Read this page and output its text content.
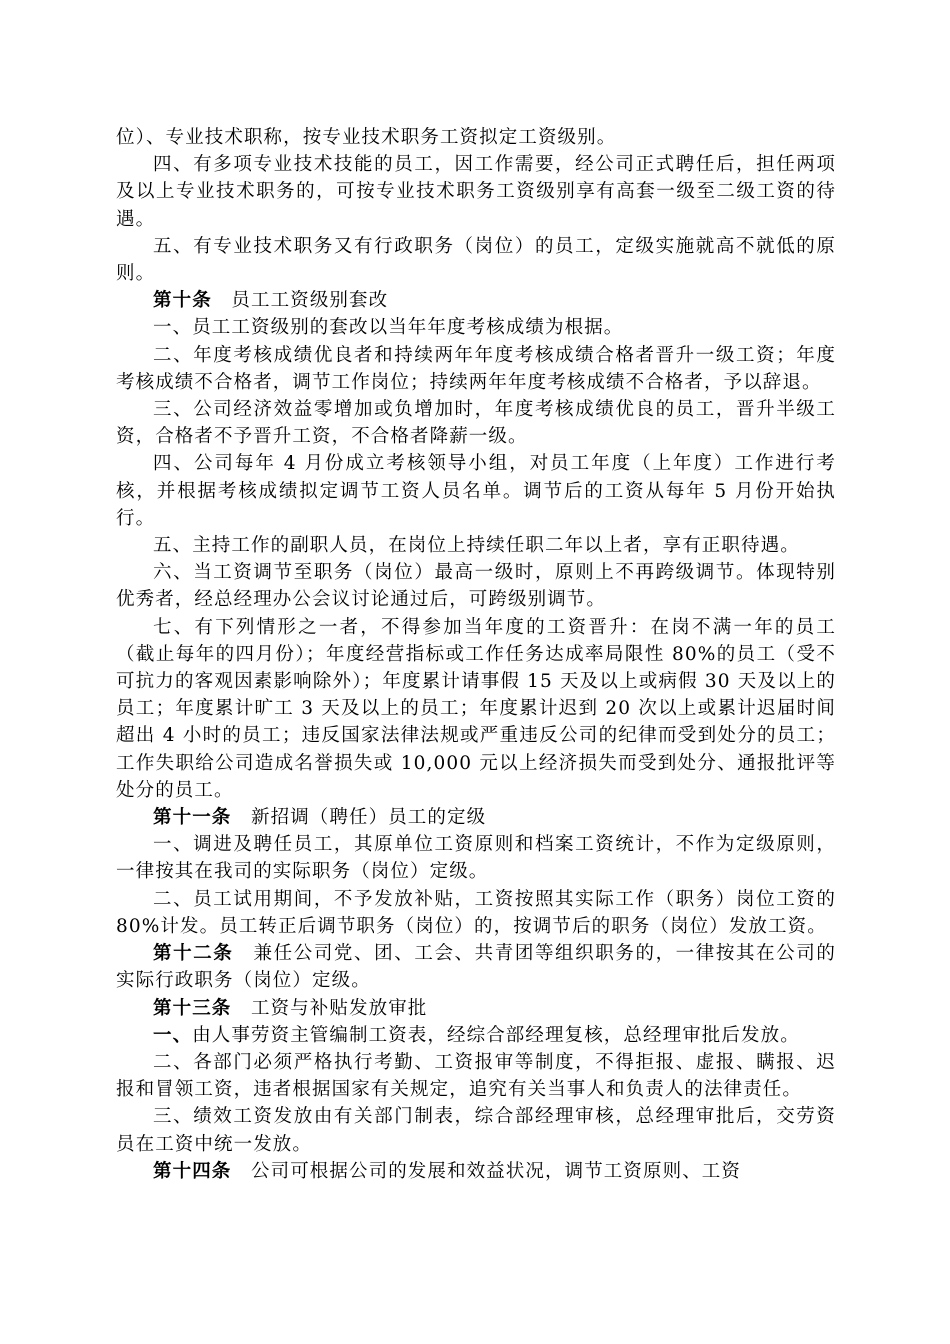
位）、专业技术职称，按专业技术职务工资拟定工资级别。

四、有多项专业技术技能的员工，因工作需要，经公司正式聘任后，担任两项及以上专业技术职务的，可按专业技术职务工资级别享有高套一级至二级工资的待遇。

五、有专业技术职务又有行政职务（岗位）的员工，定级实施就高不就低的原则。

第十条　员工工资级别套改

一、员工工资级别的套改以当年年度考核成绩为根据。

二、年度考核成绩优良者和持续两年年度考核成绩合格者晋升一级工资；年度考核成绩不合格者，调节工作岗位；持续两年年度考核成绩不合格者，予以辞退。

三、公司经济效益零增加或负增加时，年度考核成绩优良的员工，晋升半级工资，合格者不予晋升工资，不合格者降薪一级。

四、公司每年 4 月份成立考核领导小组，对员工年度（上年度）工作进行考核，并根据考核成绩拟定调节工资人员名单。调节后的工资从每年 5 月份开始执行。

五、主持工作的副职人员，在岗位上持续任职二年以上者，享有正职待遇。

六、当工资调节至职务（岗位）最高一级时，原则上不再跨级调节。体现特别优秀者，经总经理办公会议讨论通过后，可跨级别调节。

七、有下列情形之一者，不得参加当年度的工资晋升：在岗不满一年的员工（截止每年的四月份）；年度经营指标或工作任务达成率局限性 80%的员工（受不可抗力的客观因素影响除外）；年度累计请事假 15 天及以上或病假 30 天及以上的员工；年度累计旷工 3 天及以上的员工；年度累计迟到 20 次以上或累计迟届时间超出 4 小时的员工；违反国家法律法规或严重违反公司的纪律而受到处分的员工；工作失职给公司造成名誉损失或 10,000 元以上经济损失而受到处分、通报批评等处分的员工。

第十一条　新招调（聘任）员工的定级

一、调进及聘任员工，其原单位工资原则和档案工资统计，不作为定级原则，一律按其在我司的实际职务（岗位）定级。

二、员工试用期间，不予发放补贴，工资按照其实际工作（职务）岗位工资的 80%计发。员工转正后调节职务（岗位）的，按调节后的职务（岗位）发放工资。

第十二条　兼任公司党、团、工会、共青团等组织职务的，一律按其在公司的实际行政职务（岗位）定级。

第十三条　工资与补贴发放审批

一、由人事劳资主管编制工资表，经综合部经理复核，总经理审批后发放。

二、各部门必须严格执行考勤、工资报审等制度，不得拒报、虚报、瞒报、迟报和冒领工资，违者根据国家有关规定，追究有关当事人和负责人的法律责任。

三、绩效工资发放由有关部门制表，综合部经理审核，总经理审批后，交劳资员在工资中统一发放。

第十四条　公司可根据公司的发展和效益状况，调节工资原则、工资
